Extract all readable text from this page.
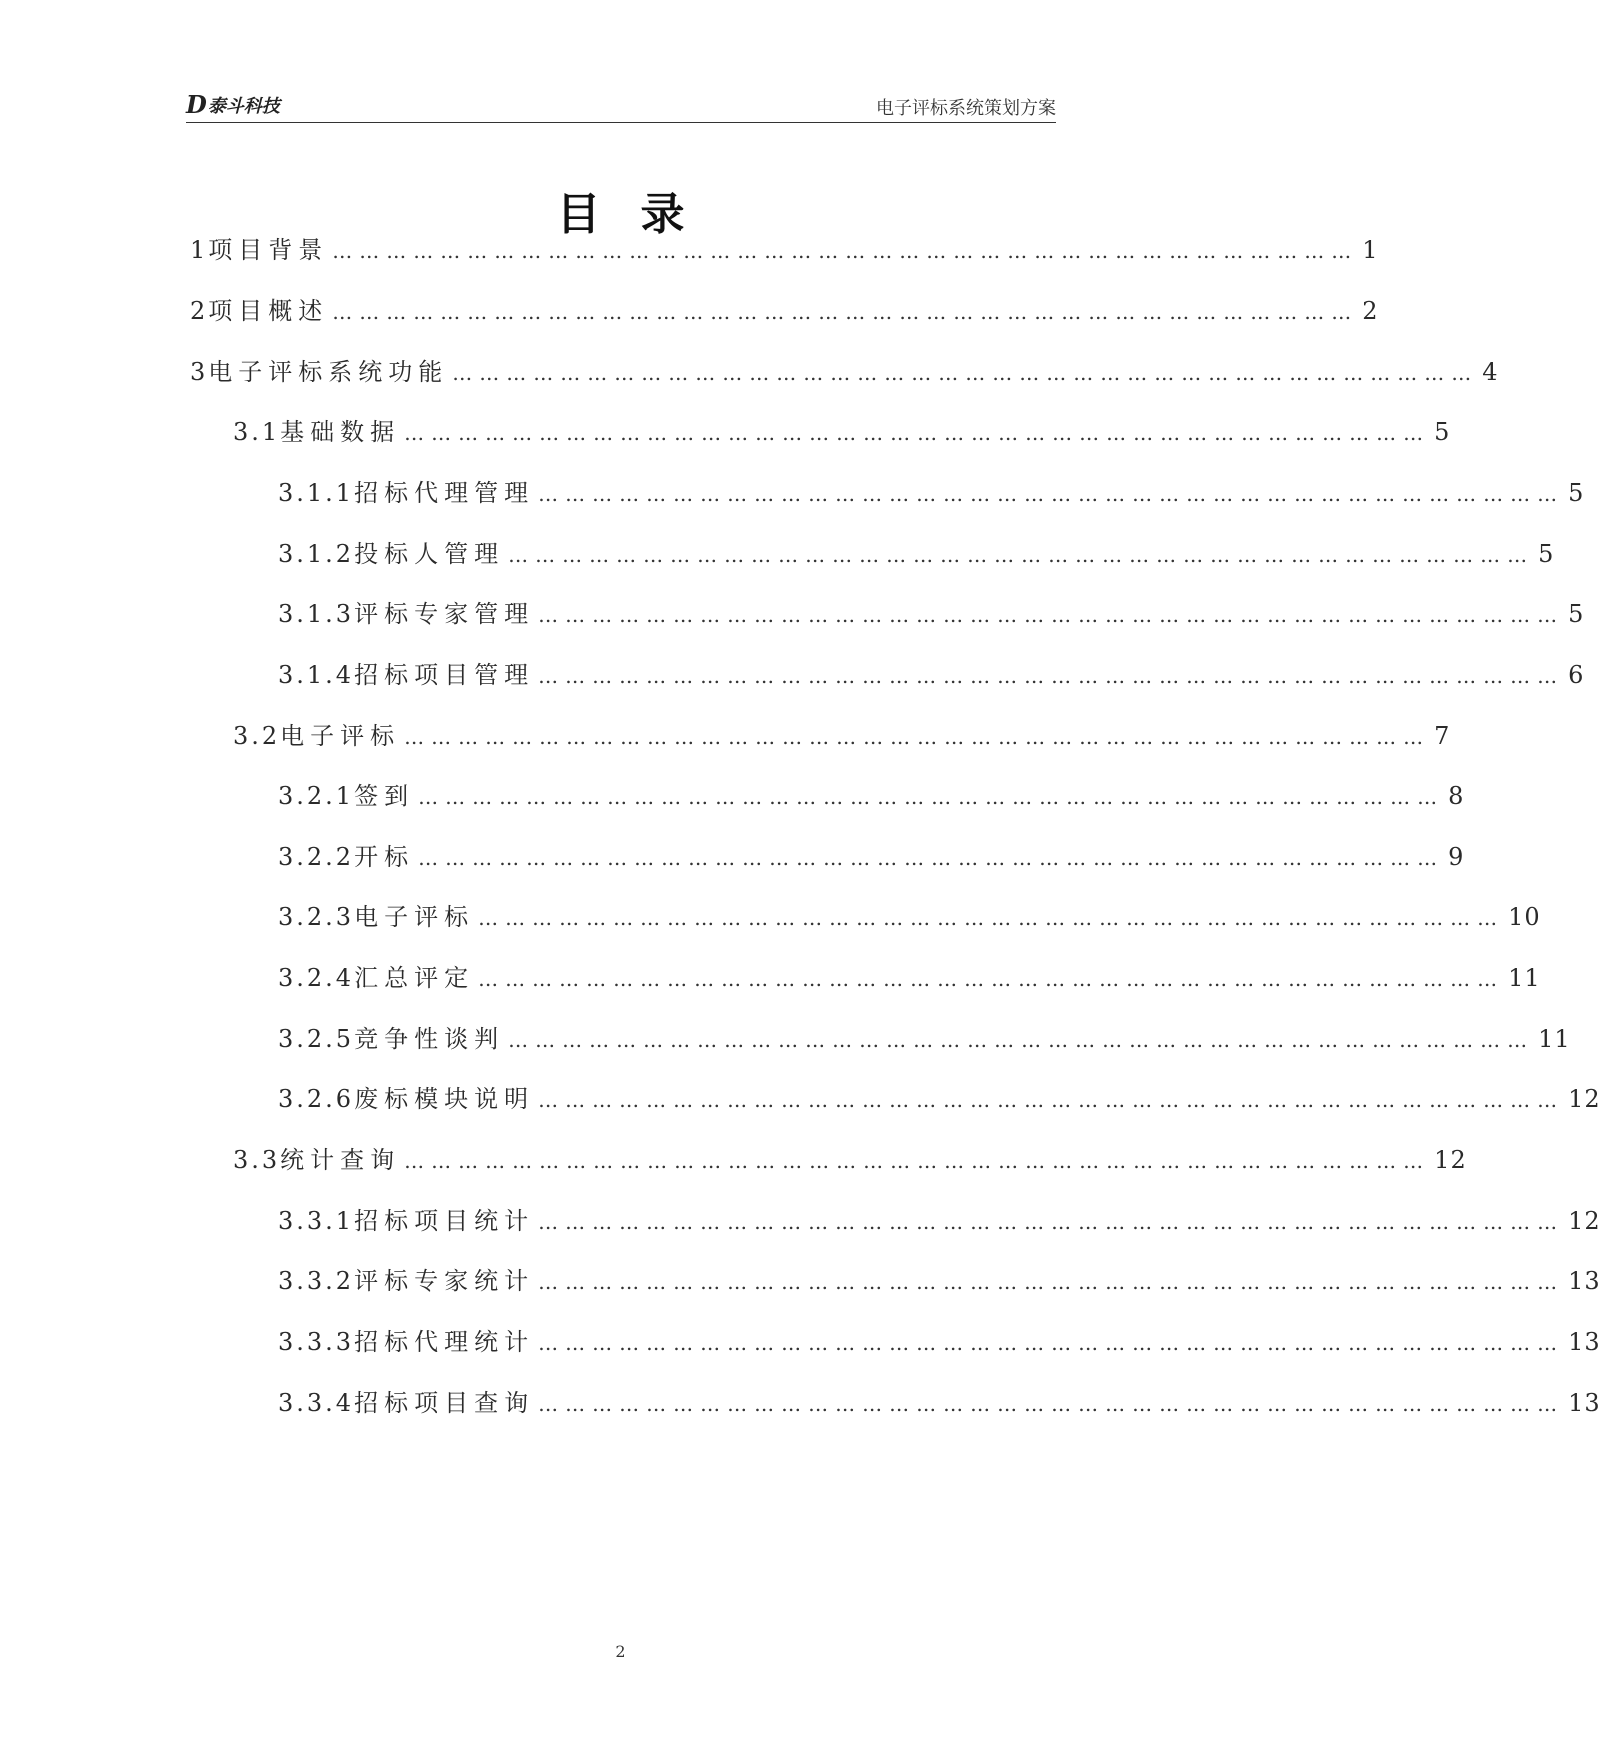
D 泰斗科技	电子评标系统策划方案
目录
1 项目背景 …………………………………………………………………………………………………… 1
2 项目概述 …………………………………………………………………………………………………… 2
3 电子评标系统功能 …………………………………………………………………………………………………… 4
3.1 基础数据 …………………………………………………………………………………………………… 5
3.1.1 招标代理管理 …………………………………………………………………………………………………… 5
3.1.2 投标人管理 …………………………………………………………………………………………………… 5
3.1.3 评标专家管理 …………………………………………………………………………………………………… 5
3.1.4 招标项目管理 …………………………………………………………………………………………………… 6
3.2 电子评标 …………………………………………………………………………………………………… 7
3.2.1 签到 …………………………………………………………………………………………………… 8
3.2.2 开标 …………………………………………………………………………………………………… 9
3.2.3 电子评标 …………………………………………………………………………………………………… 10
3.2.4 汇总评定 …………………………………………………………………………………………………… 11
3.2.5 竞争性谈判 …………………………………………………………………………………………………… 11
3.2.6 废标模块说明 …………………………………………………………………………………………………… 12
3.3 统计查询 …………………………………………………………………………………………………… 12
3.3.1 招标项目统计 …………………………………………………………………………………………………… 12
3.3.2 评标专家统计 …………………………………………………………………………………………………… 13
3.3.3 招标代理统计 …………………………………………………………………………………………………… 13
3.3.4 招标项目查询 …………………………………………………………………………………………………… 13
2
